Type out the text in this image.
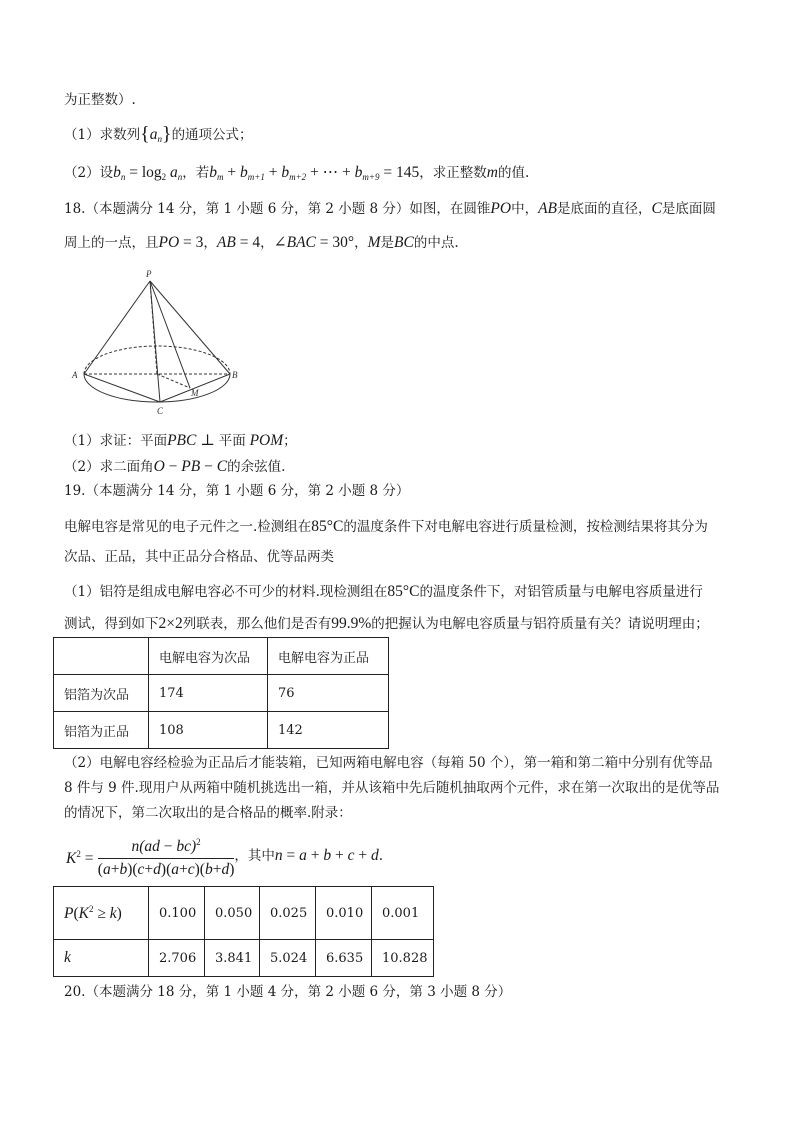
为正整数）.
（1）求数列$\{a_n\}$的通项公式；
（2）设$b_n = \log_2 a_n$，若$b_m + b_{m+1} + b_{m+2}$ + ⋯ + $b_{m+9} = 145$，求正整数m的值.
18.（本题满分 14 分，第 1 小题 6 分，第 2 小题 8 分）如图，在圆锥PO中，AB是底面的直径，C是底面圆
周上的一点，且PO = 3，AB = 4，∠BAC = 30°，M是BC的中点.
P
A	B
C
M
（1）求证：平面PBC ⊥ 平面 POM；
（2）求二面角O − PB − C的余弦值.
19.（本题满分 14 分，第 1 小题 6 分，第 2 小题 8 分）
电解电容是常见的电子元件之一.检测组在85°C的温度条件下对电解电容进行质量检测，按检测结果将其分为
次品、正品，其中正品分合格品、优等品两类
（1）铝符是组成电解电容必不可少的材料.现检测组在85°C的温度条件下，对铝管质量与电解电容质量进行
测试，得到如下2×2列联表，那么他们是否有99.9%的把握认为电解电容质量与铝符质量有关？请说明理由；
	电解电容为次品	电解电容为正品
铝箔为次品	174	76
铝箔为正品	108	142
（2）电解电容经检验为正品后才能装箱，已知两箱电解电容（每箱 50 个），第一箱和第二箱中分别有优等品
8 件与 9 件.现用户从两箱中随机挑选出一箱，并从该箱中先后随机抽取两个元件，求在第一次取出的是优等品
的情况下，第二次取出的是合格品的概率.附录：
$K^2 = \frac{n(ad - bc)^2}{(a+b)(c+d)(a+c)(b+d)}$ ，其中n = a + b + c + d.
$P(K^2 \ge k)$	0.100	0.050	0.025	0.010	0.001
k	2.706	3.841	5.024	6.635	10.828
20.（本题满分 18 分，第 1 小题 4 分，第 2 小题 6 分，第 3 小题 8 分）
